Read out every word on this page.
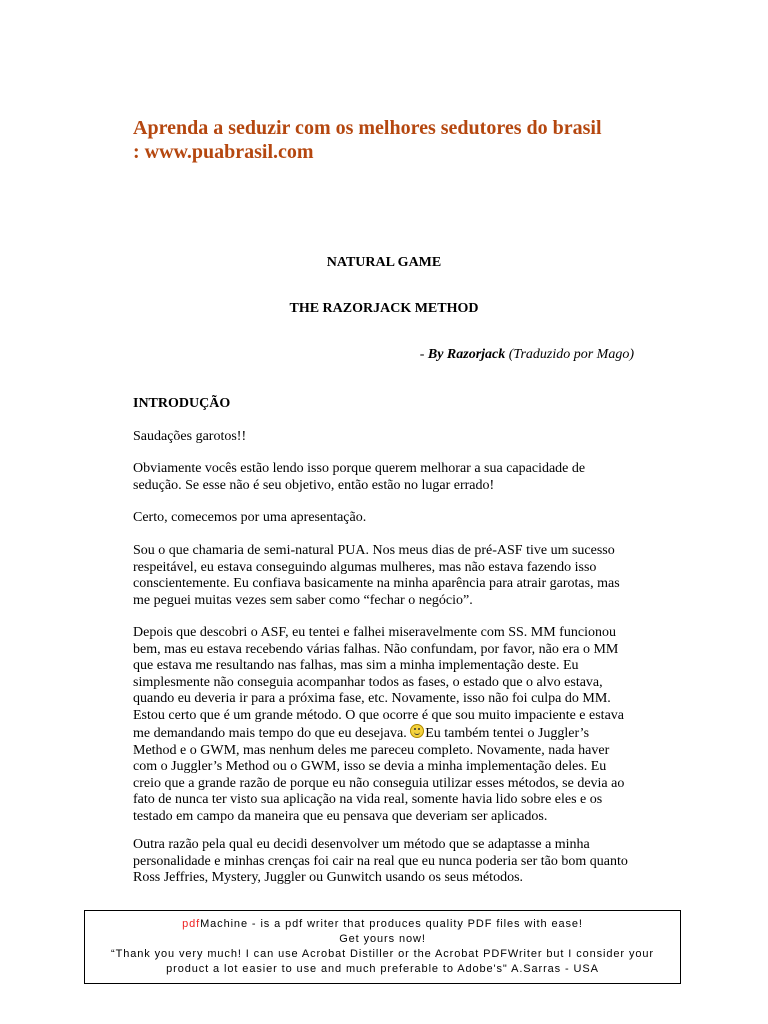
Aprenda a seduzir com os melhores sedutores do brasil
: www.puabrasil.com
NATURAL GAME
THE RAZORJACK METHOD
- By Razorjack (Traduzido por Mago)
INTRODUÇÃO
Saudações garotos!!
Obviamente vocês estão lendo isso porque querem melhorar a sua capacidade de sedução. Se esse não é seu objetivo, então estão no lugar errado!
Certo, comecemos por uma apresentação.
Sou o que chamaria de semi-natural PUA. Nos meus dias de pré-ASF tive um sucesso respeitável, eu estava conseguindo algumas mulheres, mas não estava fazendo isso conscientemente. Eu confiava basicamente na minha aparência para atrair garotas, mas me peguei muitas vezes sem saber como “fechar o negócio”.
Depois que descobri o ASF, eu tentei e falhei miseravelmente com SS. MM funcionou bem, mas eu estava recebendo várias falhas. Não confundam, por favor, não era o MM que estava me resultando nas falhas, mas sim a minha implementação deste. Eu simplesmente não conseguia acompanhar todos as fases, o estado que o alvo estava, quando eu deveria ir para a próxima fase, etc. Novamente, isso não foi culpa do MM. Estou certo que é um grande método. O que ocorre é que sou muito impaciente e estava me demandando mais tempo do que eu desejava. Eu também tentei o Juggler’s Method e o GWM, mas nenhum deles me pareceu completo. Novamente, nada haver com o Juggler’s Method ou o GWM, isso se devia a minha implementação deles. Eu creio que a grande razão de porque eu não conseguia utilizar esses métodos, se devia ao fato de nunca ter visto sua aplicação na vida real, somente havia lido sobre eles e os testado em campo da maneira que eu pensava que deveriam ser aplicados.
Outra razão pela qual eu decidi desenvolver um método que se adaptasse a minha personalidade e minhas crenças foi cair na real que eu nunca poderia ser tão bom quanto Ross Jeffries, Mystery, Juggler ou Gunwitch usando os seus métodos.
pdfMachine - is a pdf writer that produces quality PDF files with ease!
Get yours now!
“Thank you very much! I can use Acrobat Distiller or the Acrobat PDFWriter but I consider your
product a lot easier to use and much preferable to Adobe's" A.Sarras - USA
